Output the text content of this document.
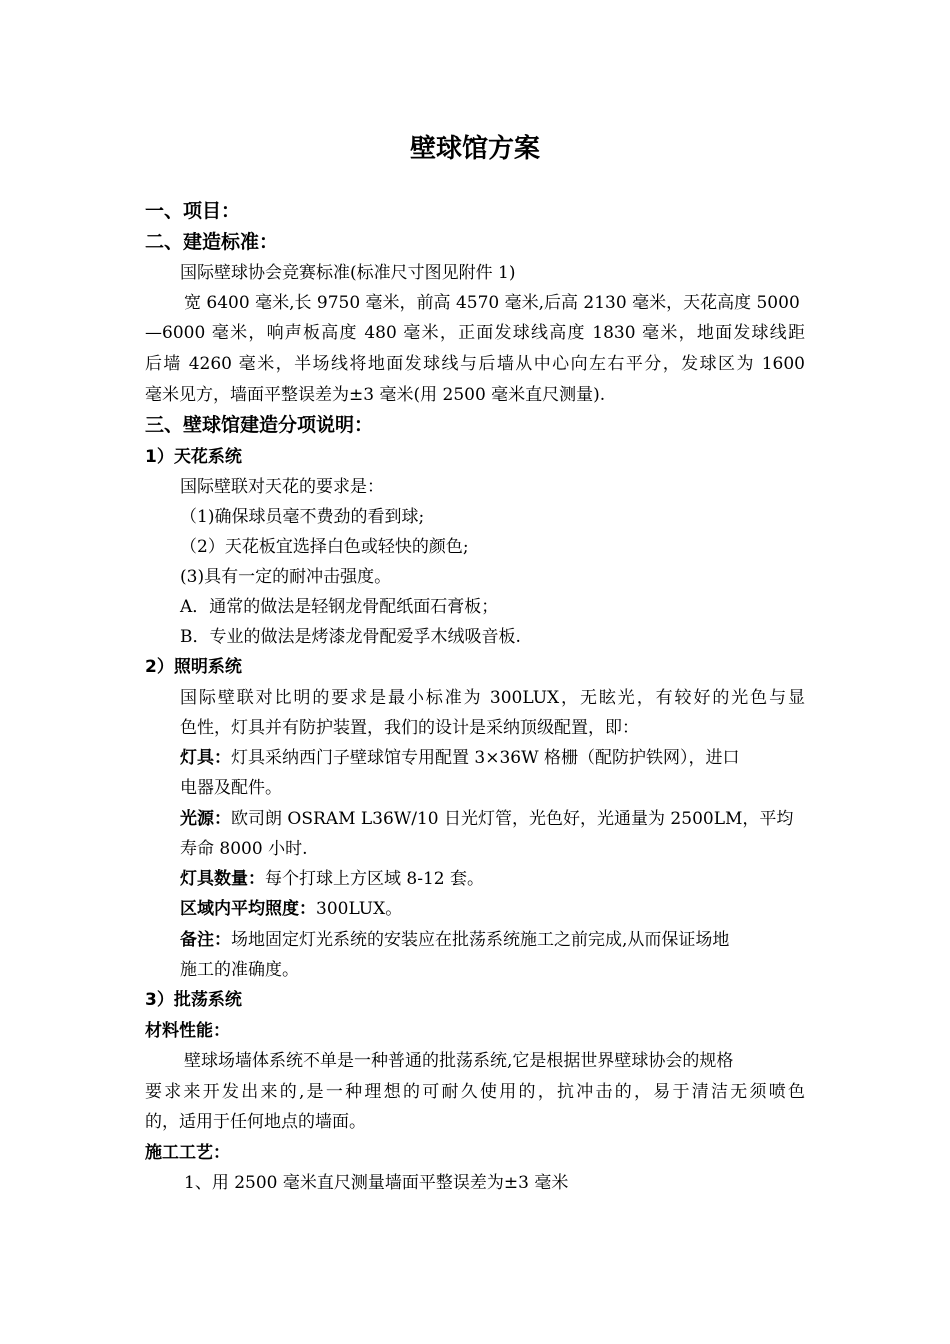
壁球馆方案
一、项目：
二、建造标准：
国际壁球协会竞赛标准(标准尺寸图见附件 1)
宽 6400 毫米,长 9750 毫米，前高 4570 毫米,后高 2130 毫米，天花高度 5000
—6000 毫米，响声板高度 480 毫米，正面发球线高度 1830 毫米，地面发球线距
后墙 4260 毫米，半场线将地面发球线与后墙从中心向左右平分，发球区为 1600
毫米见方，墙面平整误差为±3 毫米(用 2500 毫米直尺测量).
三、壁球馆建造分项说明：
1）天花系统
国际壁联对天花的要求是：
（1)确保球员毫不费劲的看到球;
（2）天花板宜选择白色或轻快的颜色;
(3)具有一定的耐冲击强度。
A．通常的做法是轻钢龙骨配纸面石膏板；
B．专业的做法是烤漆龙骨配爱孚木绒吸音板.
2）照明系统
国际壁联对比明的要求是最小标准为 300LUX，无眩光，有较好的光色与显
色性，灯具并有防护装置，我们的设计是采纳顶级配置，即：
灯具：灯具采纳西门子壁球馆专用配置 3×36W 格栅（配防护铁网），进口
电器及配件。
光源：欧司朗 OSRAM L36W/10 日光灯管，光色好，光通量为 2500LM，平均
寿命 8000 小时.
灯具数量：每个打球上方区域 8-12 套。
区域内平均照度：300LUX。
备注：场地固定灯光系统的安装应在批荡系统施工之前完成,从而保证场地
施工的准确度。
3）批荡系统
材料性能：
壁球场墙体系统不单是一种普通的批荡系统,它是根据世界壁球协会的规格
要求来开发出来的,是一种理想的可耐久使用的，抗冲击的，易于清洁无须喷色
的，适用于任何地点的墙面。
施工工艺：
1、用 2500 毫米直尺测量墙面平整误差为±3 毫米
